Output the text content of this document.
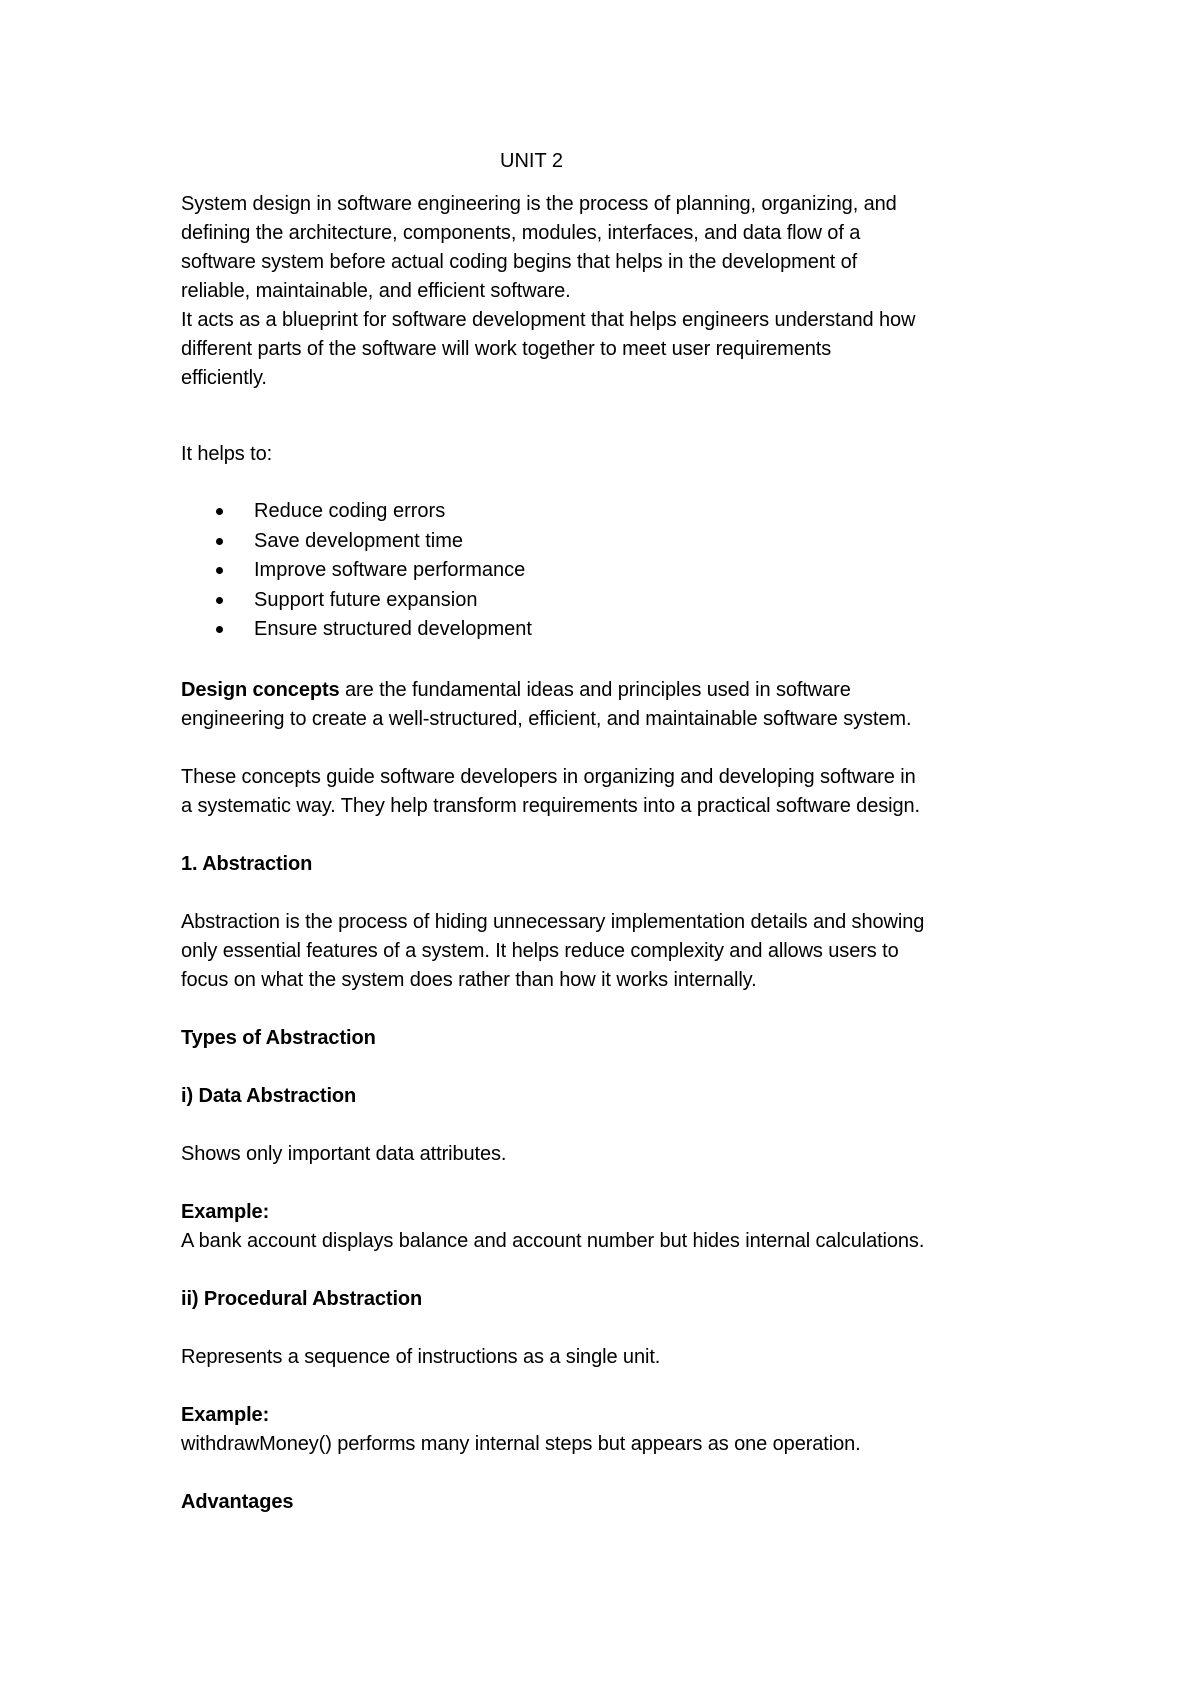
UNIT 2
System design in software engineering is the process of planning, organizing, and
defining the architecture, components, modules, interfaces, and data flow of a
software system before actual coding begins that helps in the development of
reliable, maintainable, and efficient software.
It acts as a blueprint for software development that helps engineers understand how
different parts of the software will work together to meet user requirements
efficiently.
It helps to:
Reduce coding errors
Save development time
Improve software performance
Support future expansion
Ensure structured development
Design concepts are the fundamental ideas and principles used in software
engineering to create a well-structured, efficient, and maintainable software system.
These concepts guide software developers in organizing and developing software in
a systematic way. They help transform requirements into a practical software design.
1. Abstraction
Abstraction is the process of hiding unnecessary implementation details and showing
only essential features of a system. It helps reduce complexity and allows users to
focus on what the system does rather than how it works internally.
Types of Abstraction
i) Data Abstraction
Shows only important data attributes.
Example:
A bank account displays balance and account number but hides internal calculations.
ii) Procedural Abstraction
Represents a sequence of instructions as a single unit.
Example:
withdrawMoney() performs many internal steps but appears as one operation.
Advantages
